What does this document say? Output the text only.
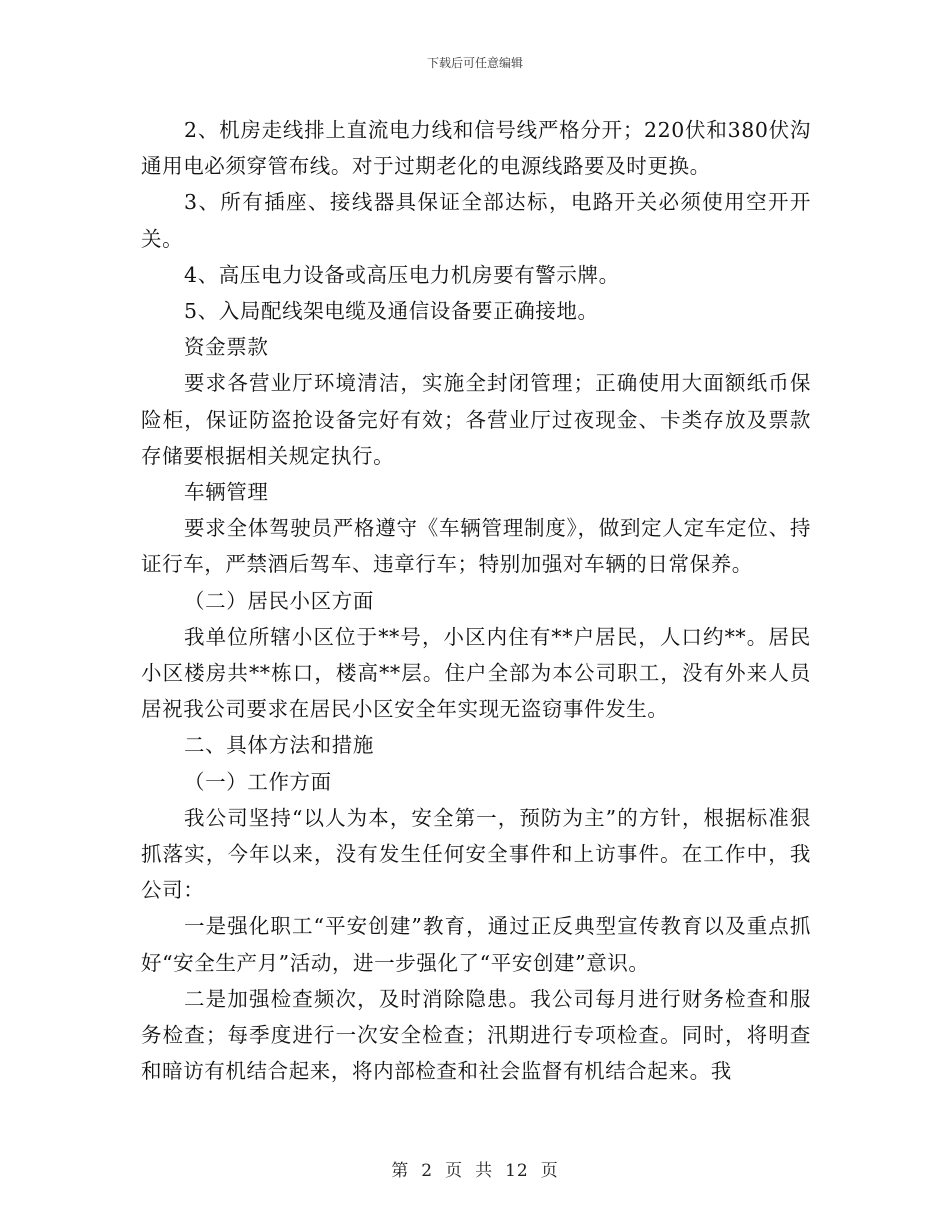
下载后可任意编辑

2、机房走线排上直流电力线和信号线严格分开；220伏和380伏沟通用电必须穿管布线。对于过期老化的电源线路要及时更换。

3、所有插座、接线器具保证全部达标，电路开关必须使用空开开关。

4、高压电力设备或高压电力机房要有警示牌。

5、入局配线架电缆及通信设备要正确接地。

资金票款

要求各营业厅环境清洁，实施全封闭管理；正确使用大面额纸币保险柜，保证防盗抢设备完好有效；各营业厅过夜现金、卡类存放及票款存储要根据相关规定执行。

车辆管理

要求全体驾驶员严格遵守《车辆管理制度》，做到定人定车定位、持证行车，严禁酒后驾车、违章行车；特别加强对车辆的日常保养。

（二）居民小区方面

我单位所辖小区位于**号，小区内住有**户居民，人口约**。居民小区楼房共**栋口，楼高**层。住户全部为本公司职工，没有外来人员居祝我公司要求在居民小区安全年实现无盗窃事件发生。

二、具体方法和措施

（一）工作方面

我公司坚持“以人为本，安全第一，预防为主”的方针，根据标准狠抓落实，今年以来，没有发生任何安全事件和上访事件。在工作中，我公司：

一是强化职工“平安创建”教育，通过正反典型宣传教育以及重点抓好“安全生产月”活动，进一步强化了“平安创建”意识。

二是加强检查频次，及时消除隐患。我公司每月进行财务检查和服务检查；每季度进行一次安全检查；汛期进行专项检查。同时，将明查和暗访有机结合起来，将内部检查和社会监督有机结合起来。我

第 2 页 共 12 页
